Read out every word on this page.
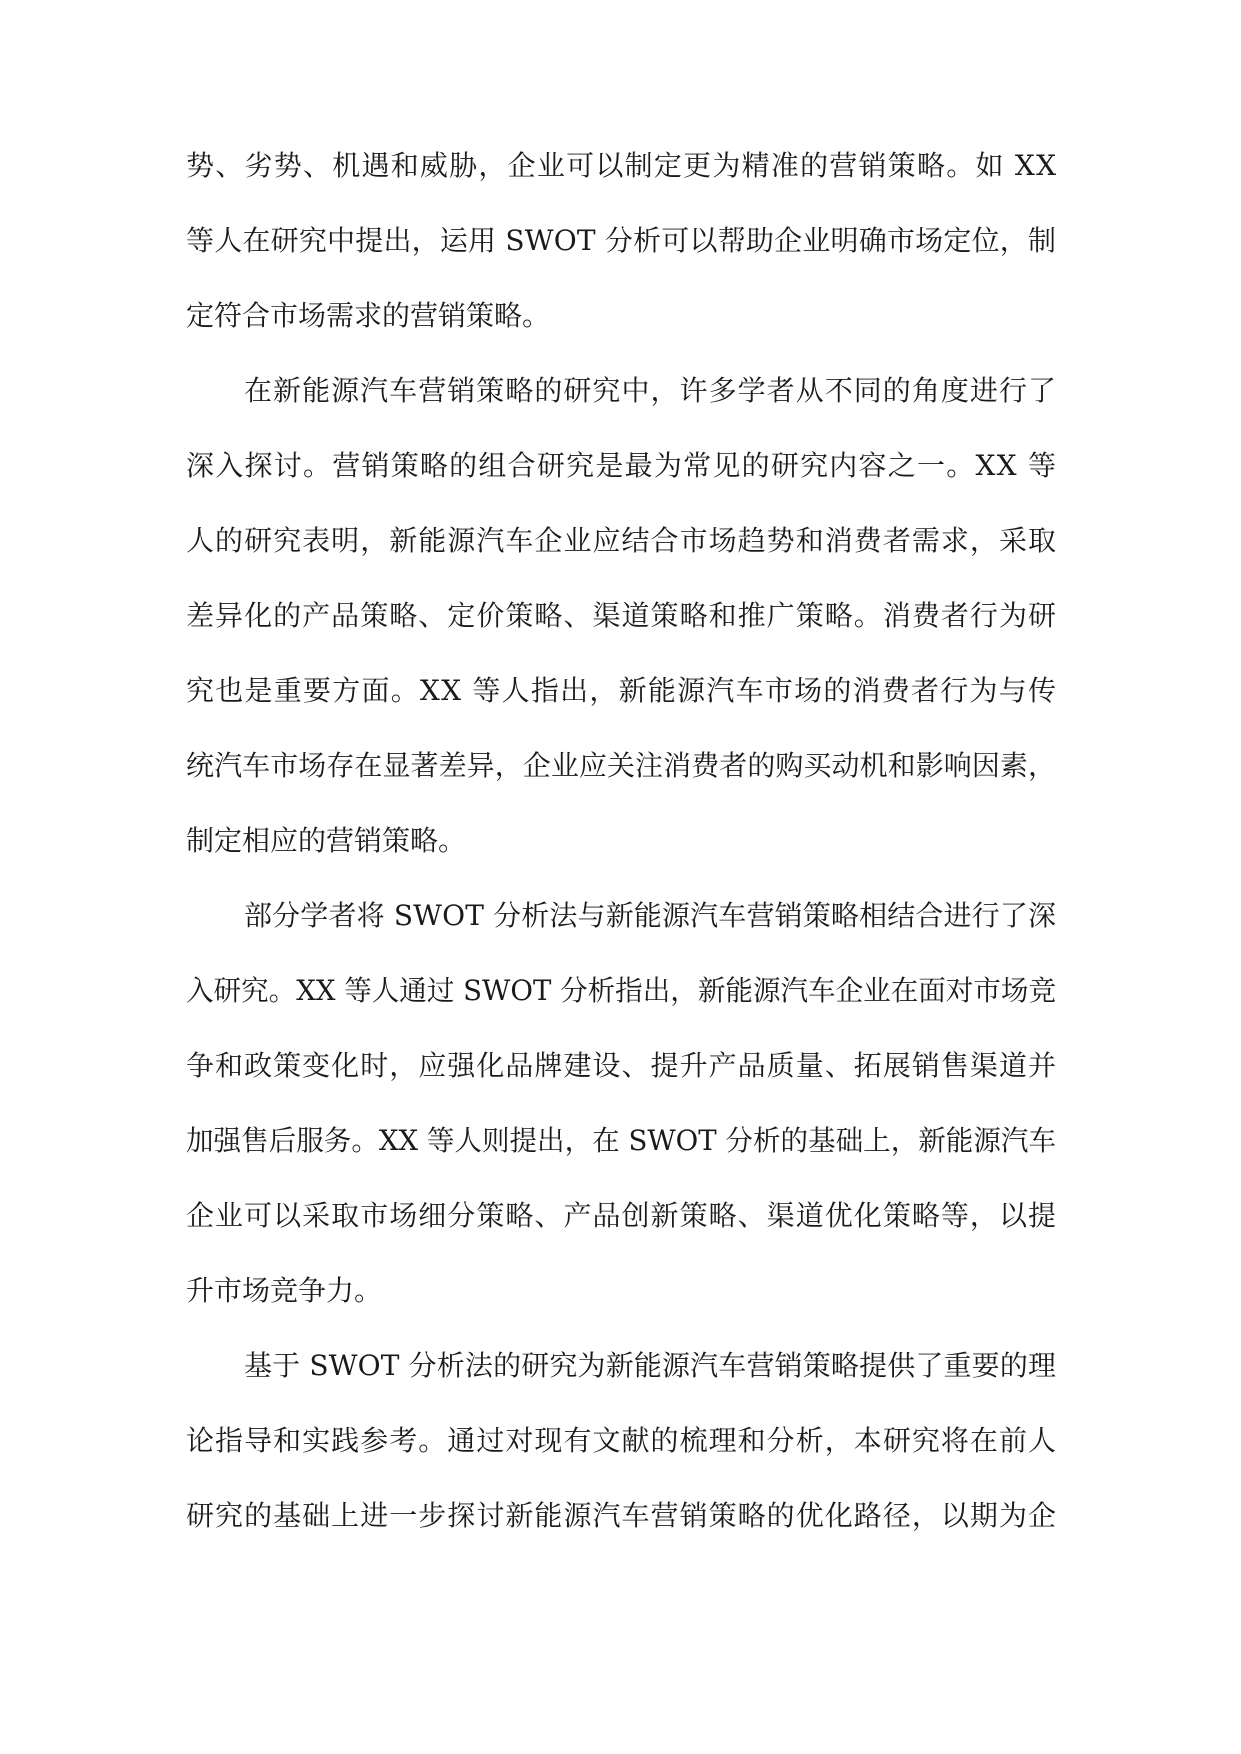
势、劣势、机遇和威胁，企业可以制定更为精准的营销策略。如 XX
等人在研究中提出，运用 SWOT 分析可以帮助企业明确市场定位，制
定符合市场需求的营销策略。
在新能源汽车营销策略的研究中，许多学者从不同的角度进行了
深入探讨。营销策略的组合研究是最为常见的研究内容之一。XX 等
人的研究表明，新能源汽车企业应结合市场趋势和消费者需求，采取
差异化的产品策略、定价策略、渠道策略和推广策略。消费者行为研
究也是重要方面。XX 等人指出，新能源汽车市场的消费者行为与传
统汽车市场存在显著差异，企业应关注消费者的购买动机和影响因素，
制定相应的营销策略。
部分学者将 SWOT 分析法与新能源汽车营销策略相结合进行了深
入研究。XX 等人通过 SWOT 分析指出，新能源汽车企业在面对市场竞
争和政策变化时，应强化品牌建设、提升产品质量、拓展销售渠道并
加强售后服务。XX 等人则提出，在 SWOT 分析的基础上，新能源汽车
企业可以采取市场细分策略、产品创新策略、渠道优化策略等，以提
升市场竞争力。
基于 SWOT 分析法的研究为新能源汽车营销策略提供了重要的理
论指导和实践参考。通过对现有文献的梳理和分析，本研究将在前人
研究的基础上进一步探讨新能源汽车营销策略的优化路径，以期为企
